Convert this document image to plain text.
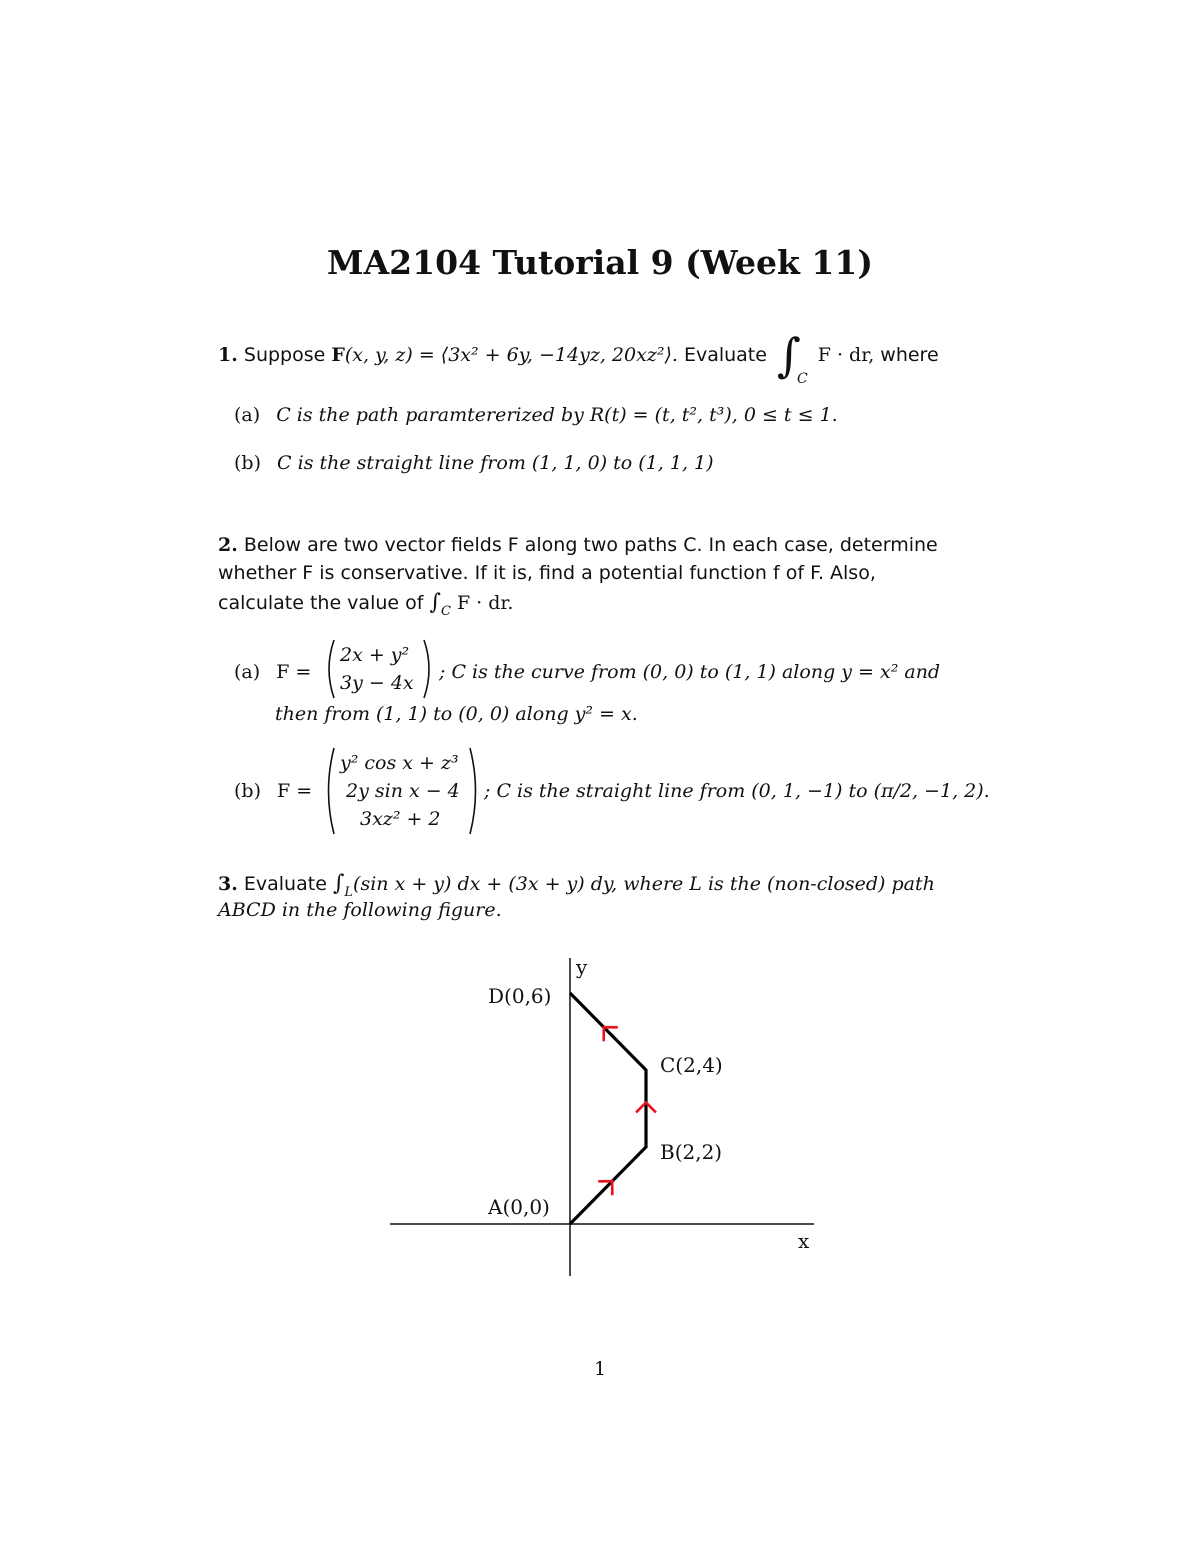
MA2104 Tutorial 9 (Week 11)
1. Suppose F(x, y, z) = ⟨3x² + 6y, −14yz, 20xz²⟩. Evaluate $\int_C$ F · dr, where
(a) C is the path paramtererized by R(t) = (t, t², t³), 0 ≤ t ≤ 1.
(b) C is the straight line from (1, 1, 0) to (1, 1, 1)
2. Below are two vector fields F along two paths C. In each case, determine
whether F is conservative. If it is, find a potential function f of F. Also,
calculate the value of $\int_C$ F · dr.
(a) F =
2x + y²
3y − 4x ; C is the curve from (0, 0) to (1, 1) along y = x² and
then from (1, 1) to (0, 0) along y² = x.
(b) F =
y² cos x + z³
2y sin x − 4
3xz² + 2
; C is the straight line from (0, 1, −1) to (π/2, −1, 2).
3. Evaluate $\int_L(\sin$ x + y) dx + (3x + y) dy, where L is the (non-closed) path
ABCD in the following figure.
y
x
A(0,0)
B(2,2)
C(2,4)
D(0,6)
1
